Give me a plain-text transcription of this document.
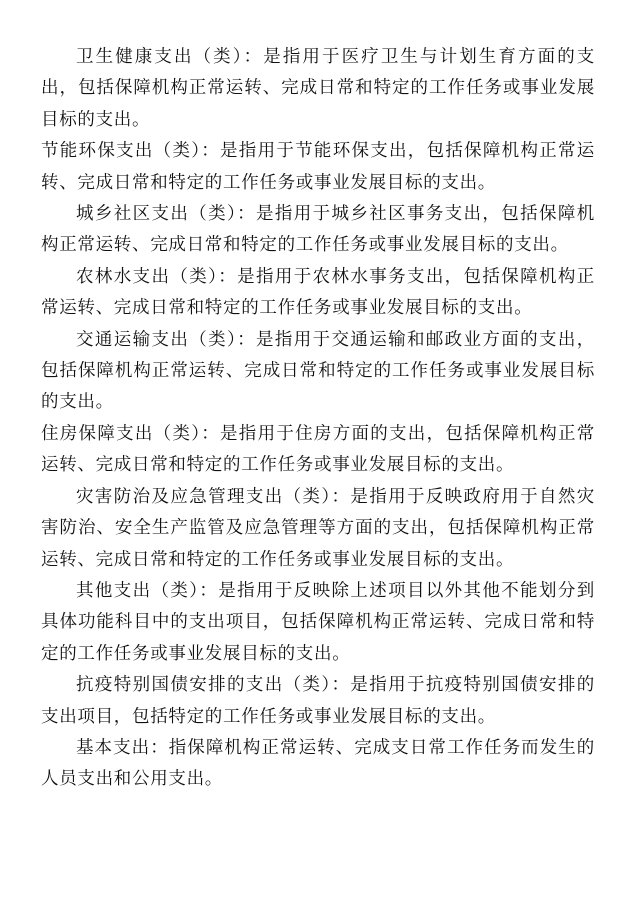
卫生健康支出（类）：是指用于医疗卫生与计划生育方面的支出，包括保障机构正常运转、完成日常和特定的工作任务或事业发展目标的支出。

节能环保支出（类）：是指用于节能环保支出，包括保障机构正常运转、完成日常和特定的工作任务或事业发展目标的支出。

城乡社区支出（类）：是指用于城乡社区事务支出，包括保障机构正常运转、完成日常和特定的工作任务或事业发展目标的支出。

农林水支出（类）：是指用于农林水事务支出，包括保障机构正常运转、完成日常和特定的工作任务或事业发展目标的支出。

交通运输支出（类）：是指用于交通运输和邮政业方面的支出，包括保障机构正常运转、完成日常和特定的工作任务或事业发展目标的支出。

住房保障支出（类）：是指用于住房方面的支出，包括保障机构正常运转、完成日常和特定的工作任务或事业发展目标的支出。

灾害防治及应急管理支出（类）：是指用于反映政府用于自然灾害防治、安全生产监管及应急管理等方面的支出，包括保障机构正常运转、完成日常和特定的工作任务或事业发展目标的支出。

其他支出（类）：是指用于反映除上述项目以外其他不能划分到具体功能科目中的支出项目，包括保障机构正常运转、完成日常和特定的工作任务或事业发展目标的支出。

抗疫特别国债安排的支出（类）：是指用于抗疫特别国债安排的支出项目，包括特定的工作任务或事业发展目标的支出。

基本支出：指保障机构正常运转、完成支日常工作任务而发生的人员支出和公用支出。
